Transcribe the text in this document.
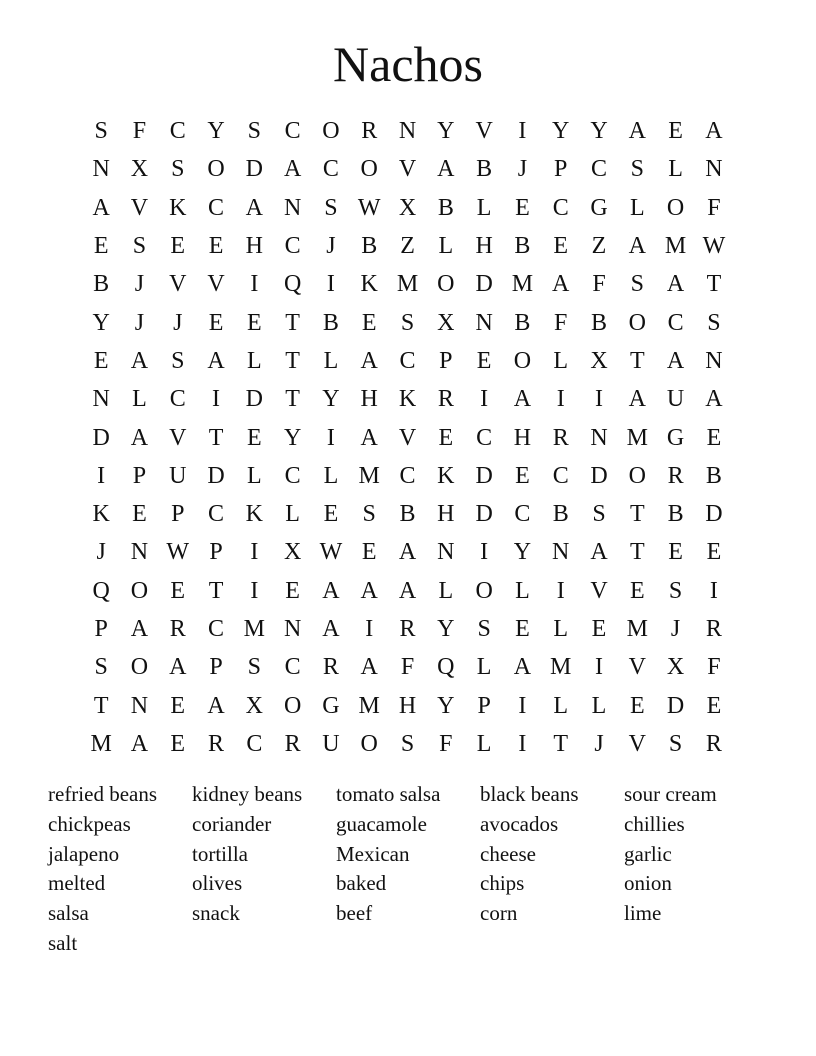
Nachos
S	F C Y S C O R N Y V	I	Y Y A E A
N X S O D A C O V A B	J	P C S	L N
A V K C A N S W X B L E C G L O F
E	S	E E H C	J	B Z L H B E Z A M W
B	J	V V	I	Q	I	K M O D M A F	S A T
Y	J	J	E E T B E	S X N B F B O C S
E A S A L T L A C P	E O L X T A N
N L C	I	D T Y H K R	I	A	I	I	A U A
D A V T E Y	I	A V E C H R N M G E
I	P U D L C L M C K D E C D O R B
K E	P C K L E	S B H D C B S	T B D
J	N W P	I	X W E A N	I	Y N A T E E
Q O E T	I	E A A A L O L	I	V E	S	I
P A R C M N A	I	R Y S	E L E M J	R
S O A P	S C R A F Q L A M I	V X F
T N E A X O G M H Y P	I	L L E D E
M A E R C R U O S	F	L	I	T	J	V S R
refried beans	kidney beans	tomato salsa	black beans	sour cream
chickpeas	coriander	guacamole	avocados	chillies
jalapeno	tortilla	Mexican	cheese	garlic
melted	olives	baked	chips	onion
salsa	snack	beef	corn	lime
salt
